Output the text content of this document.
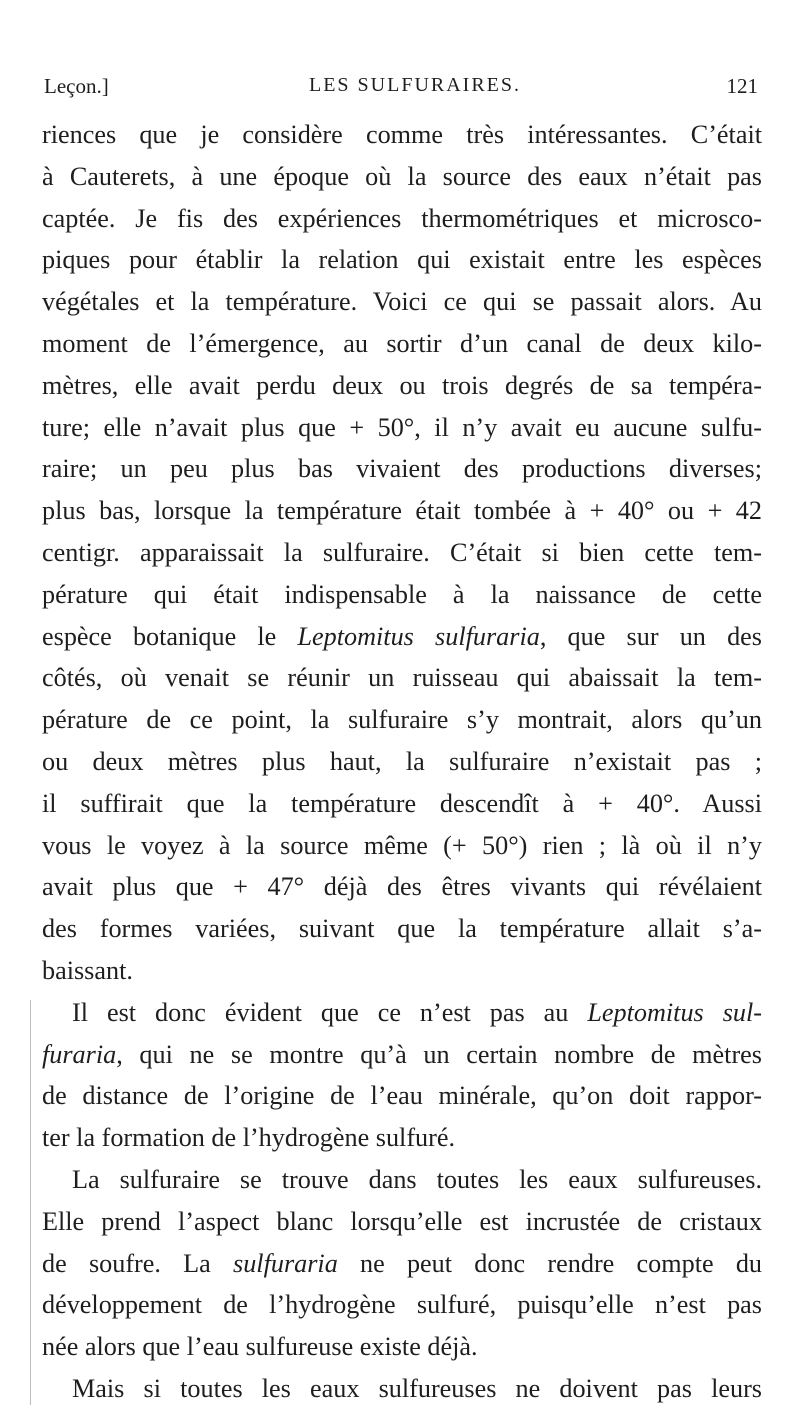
Leçon.]	LES SULFURAIRES.	121
riences que je considère comme très intéressantes. C’était
à Cauterets, à une époque où la source des eaux n’était pas
captée. Je fis des expériences thermométriques et microsco-
piques pour établir la relation qui existait entre les espèces
végétales et la température. Voici ce qui se passait alors. Au
moment de l’émergence, au sortir d’un canal de deux kilo-
mètres, elle avait perdu deux ou trois degrés de sa tempéra-
ture; elle n’avait plus que + 50°, il n’y avait eu aucune sulfu-
raire; un peu plus bas vivaient des productions diverses;
plus bas, lorsque la température était tombée à + 40° ou + 42
centigr. apparaissait la sulfuraire. C’était si bien cette tem-
pérature qui était indispensable à la naissance de cette
espèce botanique le Leptomitus sulfuraria, que sur un des
côtés, où venait se réunir un ruisseau qui abaissait la tem-
pérature de ce point, la sulfuraire s’y montrait, alors qu’un
ou deux mètres plus haut, la sulfuraire n’existait pas ;
il suffirait que la température descendît à + 40°. Aussi
vous le voyez à la source même (+ 50°) rien ; là où il n’y
avait plus que + 47° déjà des êtres vivants qui révélaient
des formes variées, suivant que la température allait s’a-
baissant.
Il est donc évident que ce n’est pas au Leptomitus sul-
furaria, qui ne se montre qu’à un certain nombre de mètres
de distance de l’origine de l’eau minérale, qu’on doit rappor-
ter la formation de l’hydrogène sulfuré.
La sulfuraire se trouve dans toutes les eaux sulfureuses.
Elle prend l’aspect blanc lorsqu’elle est incrustée de cristaux
de soufre. La sulfuraria ne peut donc rendre compte du
développement de l’hydrogène sulfuré, puisqu’elle n’est pas
née alors que l’eau sulfureuse existe déjà.
Mais si toutes les eaux sulfureuses ne doivent pas leurs
